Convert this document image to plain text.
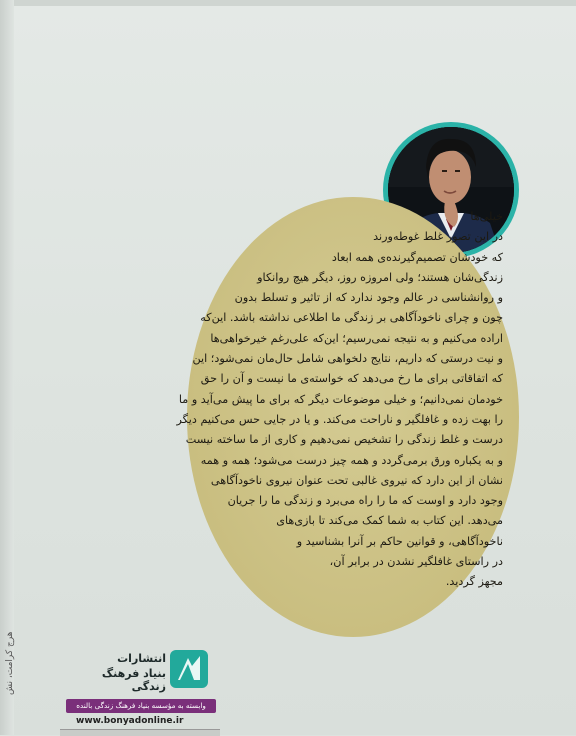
هرج کرامت، نش
خیلی‌ها
در این تصور غلط غوطه‌ورند
که خودشان تصمیم‌گیرنده‌ی همه ابعاد
زندگی‌شان هستند؛ ولی امروزه روز، دیگر هیچ روانکاو
و روانشناسی در عالم وجود ندارد که از تاثیر و تسلط بدون
چون و چرای ناخودآگاهی بر زندگی ما اطلاعی نداشته باشد. این‌که
اراده می‌کنیم و به نتیجه نمی‌رسیم؛ این‌که علی‌رغم خیرخواهی‌ها
و نیت درستی که داریم، نتایج دلخواهی شامل حال‌مان نمی‌شود؛ این
که اتفاقاتی برای ما رخ می‌دهد که خواسته‌ی ما نیست و آن را حق
خودمان نمی‌دانیم؛ و خیلی موضوعات دیگر که برای ما پیش می‌آید و ما
را بهت زده و غافلگیر و ناراحت می‌کند. و یا در جایی حس می‌کنیم دیگر
درست و غلط زندگی را تشخیص نمی‌دهیم و کاری از ما ساخته نیست
و به یکباره ورق برمی‌گردد و همه چیز درست می‌شود؛ همه و همه
نشان از این دارد که نیروی غالبی تحت عنوان نیروی ناخودآگاهی
وجود دارد و اوست که ما را راه می‌برد و زندگی ما را جریان
می‌دهد. این کتاب به شما کمک می‌کند تا بازی‌های
ناخودآگاهی، و قوانین حاکم بر آنرا بشناسید و
در راستای غافلگیر نشدن در برابر آن،
مجهز گردید.
انتشارات
بنیاد فرهنگ زندگی
وابسته به مؤسسه بنیاد فرهنگ زندگی بالنده
www.bonyadonline.ir
